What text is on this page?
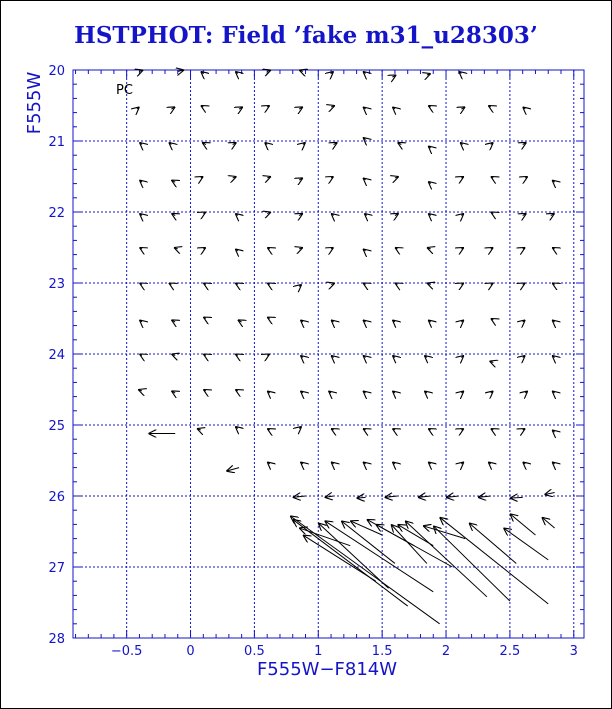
HSTPHOT: Field ’fake m31_u28303’
−0.5	0	0.5	1	1.5	2	2.5	3
20
21
22
23
24
25
26
27
28
F555W−F814W
F555W	PC
